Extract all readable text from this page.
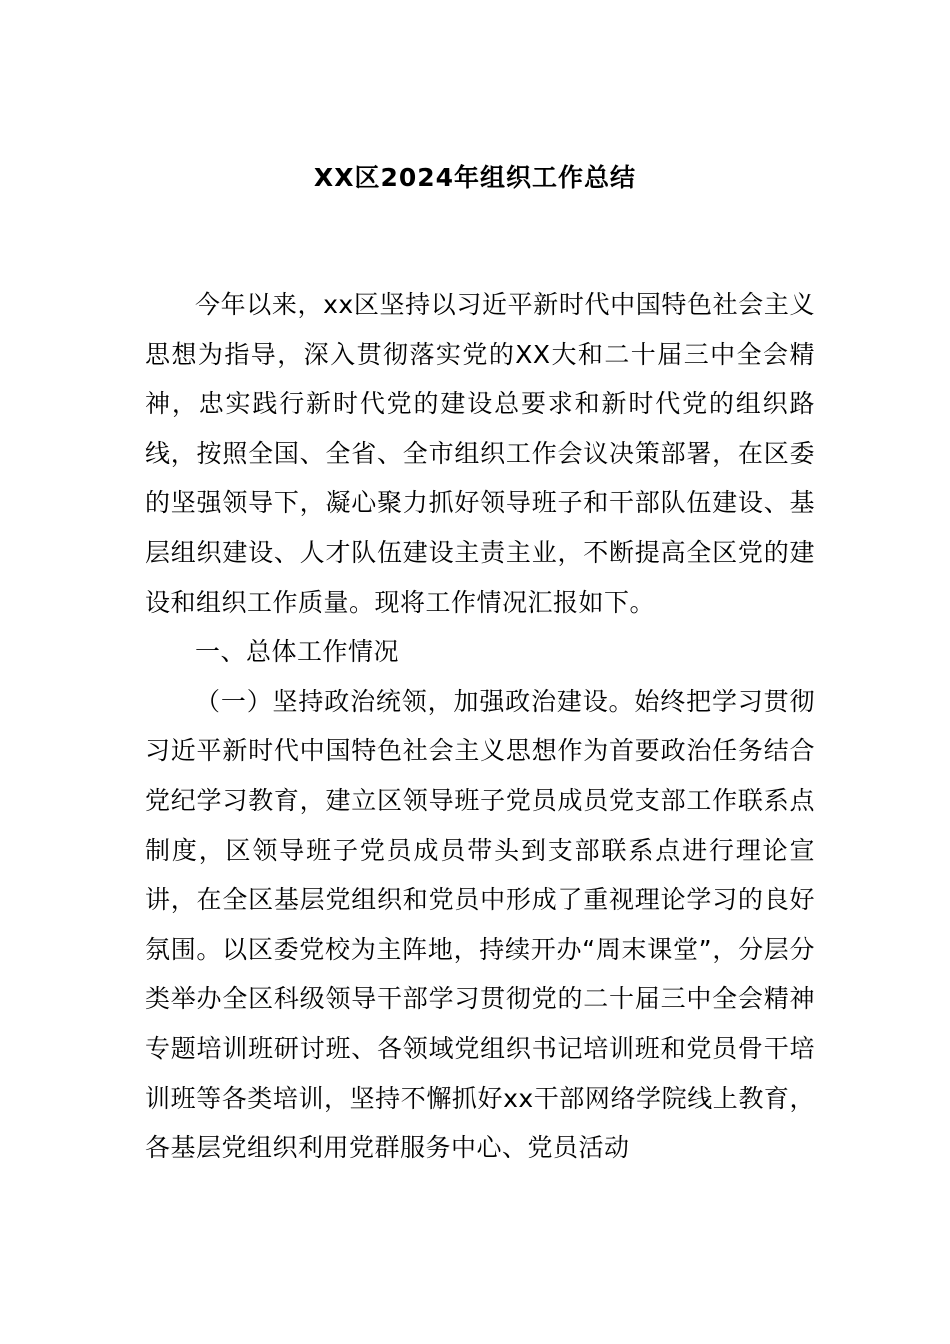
XX区2024年组织工作总结

今年以来，xx区坚持以习近平新时代中国特色社会主义思想为指导，深入贯彻落实党的XX大和二十届三中全会精神，忠实践行新时代党的建设总要求和新时代党的组织路线，按照全国、全省、全市组织工作会议决策部署，在区委的坚强领导下，凝心聚力抓好领导班子和干部队伍建设、基层组织建设、人才队伍建设主责主业，不断提高全区党的建设和组织工作质量。现将工作情况汇报如下。

一、总体工作情况

（一）坚持政治统领，加强政治建设。始终把学习贯彻习近平新时代中国特色社会主义思想作为首要政治任务结合党纪学习教育，建立区领导班子党员成员党支部工作联系点制度，区领导班子党员成员带头到支部联系点进行理论宣讲，在全区基层党组织和党员中形成了重视理论学习的良好氛围。以区委党校为主阵地，持续开办“周末课堂”，分层分类举办全区科级领导干部学习贯彻党的二十届三中全会精神专题培训班研讨班、各领域党组织书记培训班和党员骨干培训班等各类培训，坚持不懈抓好xx干部网络学院线上教育，各基层党组织利用党群服务中心、党员活动
